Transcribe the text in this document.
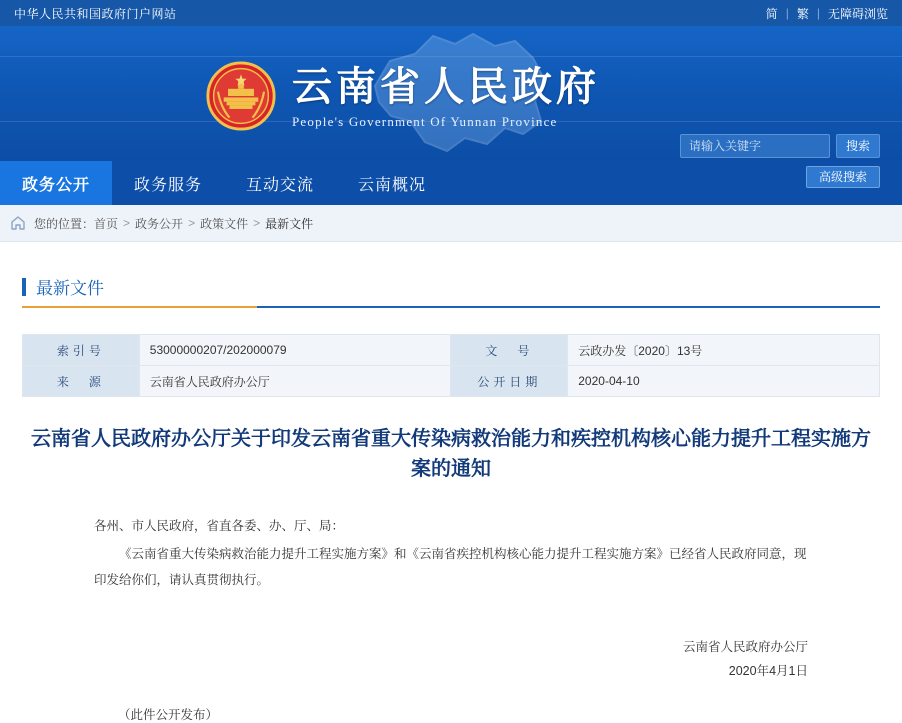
中华人民共和国政府门户网站	简 | 繁 | 无障碍浏览
云南省人民政府
People's Government Of Yunnan Province
请输入关键字
搜索
高级搜索
政务公开	政务服务	互动交流	云南概况
您的位置： 首页 > 政务公开 > 政策文件 > 最新文件
最新文件
索引号	53000000207/202000079	文　号	云政办发〔2020〕13号
来　源	云南省人民政府办公厅	公开日期	2020-04-10
云南省人民政府办公厅关于印发云南省重大传染病救治能力和疾控机构核心能力提升工程实施方案的通知

各州、市人民政府，省直各委、办、厅、局：

《云南省重大传染病救治能力提升工程实施方案》和《云南省疾控机构核心能力提升工程实施方案》已经省人民政府同意，现印发给你们，请认真贯彻执行。

云南省人民政府办公厅
2020年4月1日
（此件公开发布）
